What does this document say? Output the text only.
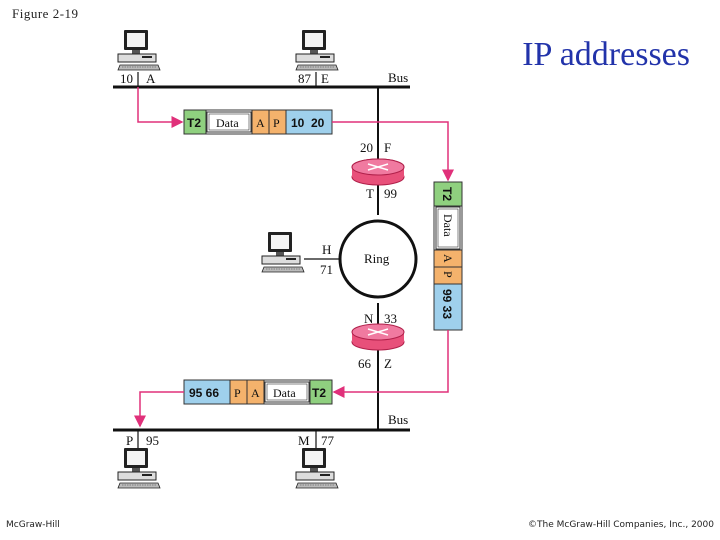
Figure 2-19
IP addresses
Bus
10 A	87 E
20 F
T 99
Ring
H
71
N 33
66 Z
Bus
P 95	M 77
T2 Data A P 10 20
T2
Data
A
P
99 33
95 66 P A Data T2
McGraw-Hill	©The McGraw-Hill Companies, Inc., 2000
